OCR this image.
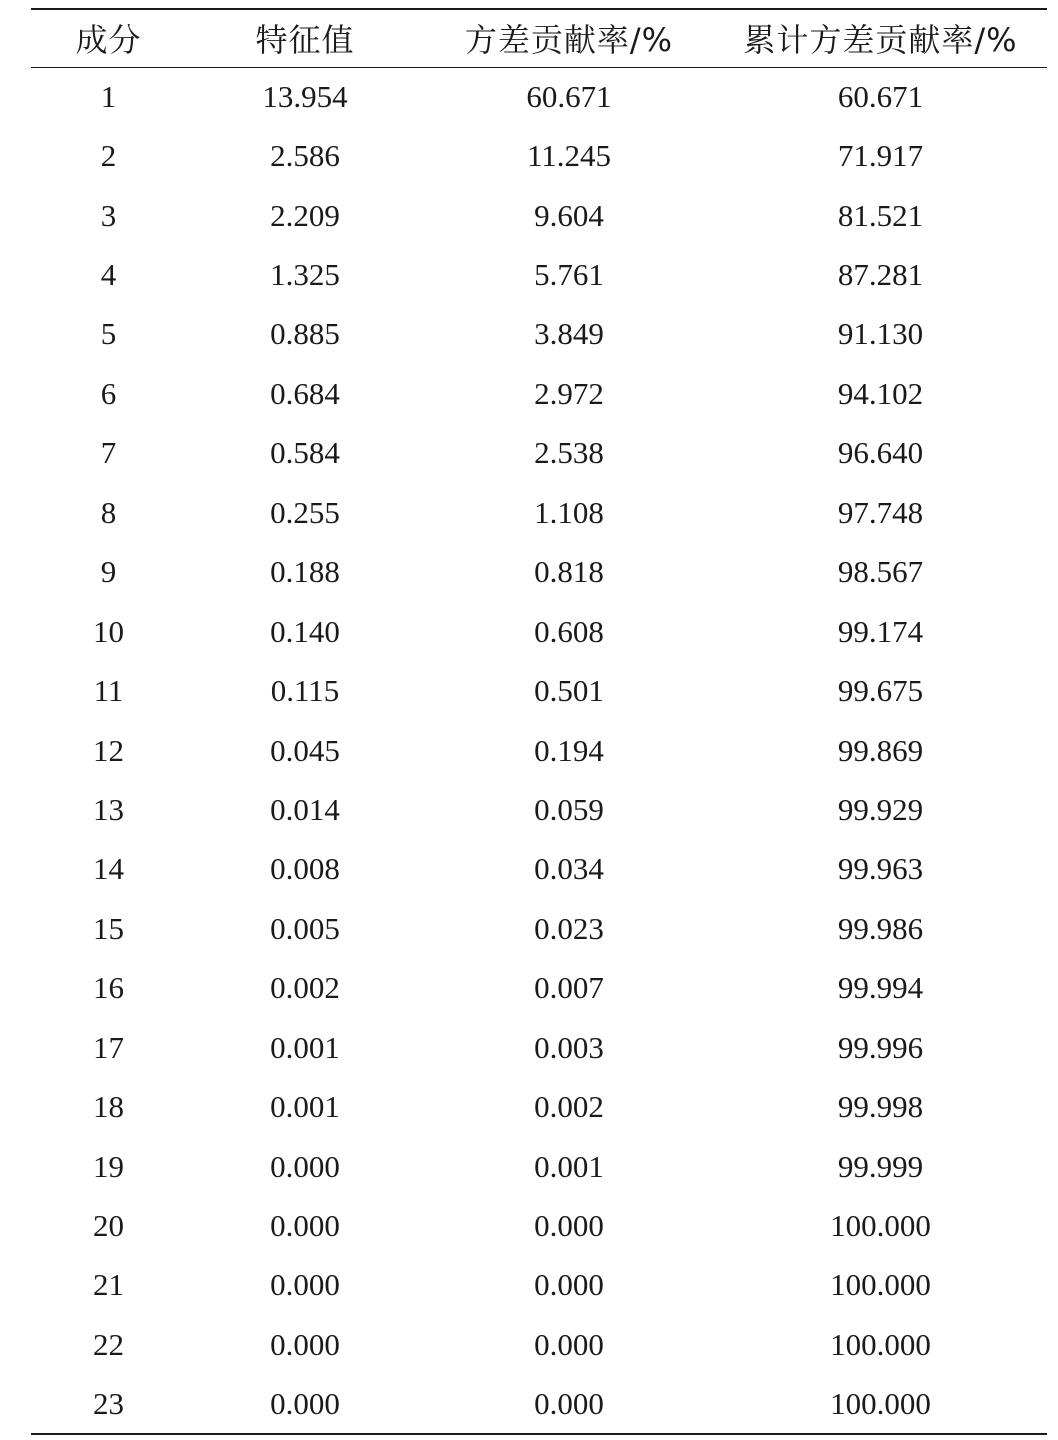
成分	特征值	方差贡献率/%	累计方差贡献率/%
1	13.954	60.671	60.671
2	2.586	11.245	71.917
3	2.209	9.604	81.521
4	1.325	5.761	87.281
5	0.885	3.849	91.130
6	0.684	2.972	94.102
7	0.584	2.538	96.640
8	0.255	1.108	97.748
9	0.188	0.818	98.567
10	0.140	0.608	99.174
11	0.115	0.501	99.675
12	0.045	0.194	99.869
13	0.014	0.059	99.929
14	0.008	0.034	99.963
15	0.005	0.023	99.986
16	0.002	0.007	99.994
17	0.001	0.003	99.996
18	0.001	0.002	99.998
19	0.000	0.001	99.999
20	0.000	0.000	100.000
21	0.000	0.000	100.000
22	0.000	0.000	100.000
23	0.000	0.000	100.000
